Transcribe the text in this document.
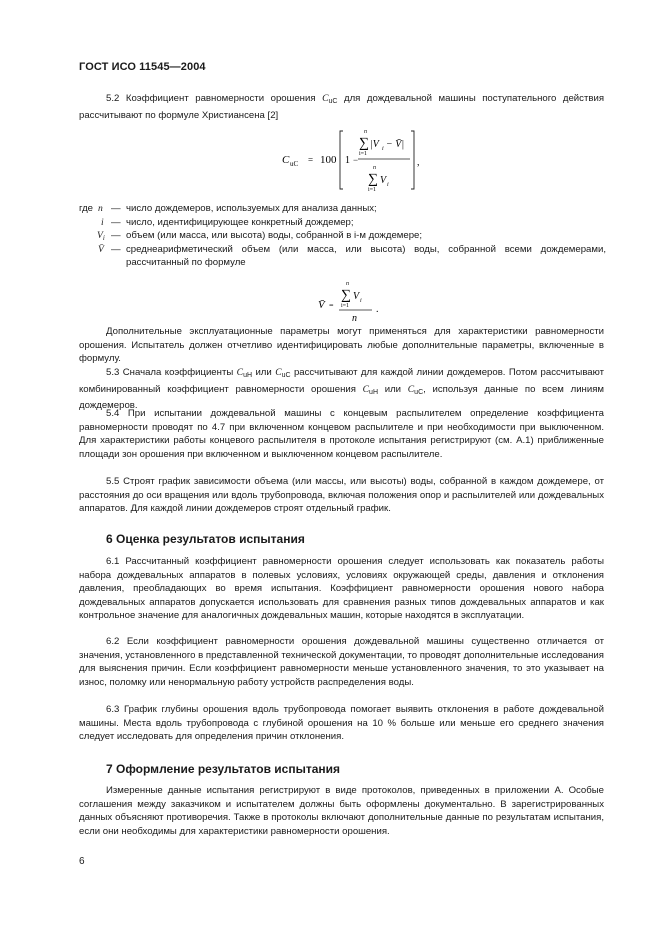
ГОСТ ИСО 11545—2004

5.2 Коэффициент равномерности орошения $C_{uC}$ для дождевальной машины поступательного действия рассчитывают по формуле Христиансена [2]

C uC = 100 1 −
n
∑
i=1
|V i − V̄|
n
∑
i=1
V i
,
где n — число дождемеров, используемых для анализа данных;
i — число, идентифицирующее конкретный дождемер;
$V_i$ — объем (или масса, или высота) воды, собранной в i-м дождемере;
V̄ — среднеарифметический объем (или масса, или высота) воды, собранной всеми дождемерами, рассчитанный по формуле
V̄ =
n
∑
i=1
V i
n
.

Дополнительные эксплуатационные параметры могут применяться для характеристики равномерности орошения. Испытатель должен отчетливо идентифицировать любые дополнительные параметры, включенные в формулу.

5.3 Сначала коэффициенты $C_{uH}$ или $C_{uC}$ рассчитывают для каждой линии дождемеров. Потом рассчитывают комбинированный коэффициент равномерности орошения $C_{uH}$ или $C_{uC}$, используя данные по всем линиям дождемеров.

5.4 При испытании дождевальной машины с концевым распылителем определение коэффициента равномерности проводят по 4.7 при включенном концевом распылителе и при необходимости при выключенном. Для характеристики работы концевого распылителя в протоколе испытания регистрируют (см. А.1) приближенные площади зон орошения при включенном и выключенном концевом распылителе.

5.5 Строят график зависимости объема (или массы, или высоты) воды, собранной в каждом дождемере, от расстояния до оси вращения или вдоль трубопровода, включая положения опор и распылителей или дождевальных аппаратов. Для каждой линии дождемеров строят отдельный график.

6 Оценка результатов испытания

6.1 Рассчитанный коэффициент равномерности орошения следует использовать как показатель работы набора дождевальных аппаратов в полевых условиях, условиях окружающей среды, давления и отклонения давления, преобладающих во время испытания. Коэффициент равномерности орошения нового набора дождевальных аппаратов допускается использовать для сравнения разных типов дождевальных аппаратов и как контрольное значение для аналогичных дождевальных машин, которые находятся в эксплуатации.

6.2 Если коэффициент равномерности орошения дождевальной машины существенно отличается от значения, установленного в представленной технической документации, то проводят дополнительные исследования для выяснения причин. Если коэффициент равномерности меньше установленного значения, то это указывает на износ, поломку или ненормальную работу устройств распределения воды.

6.3 График глубины орошения вдоль трубопровода помогает выявить отклонения в работе дождевальной машины. Места вдоль трубопровода с глубиной орошения на 10 % больше или меньше его среднего значения следует исследовать для определения причин отклонения.

7 Оформление результатов испытания

Измеренные данные испытания регистрируют в виде протоколов, приведенных в приложении А. Особые соглашения между заказчиком и испытателем должны быть оформлены документально. В зарегистрированных данных объясняют противоречия. Также в протоколы включают дополнительные данные по результатам испытания, если они необходимы для характеристики равномерности орошения.

6
